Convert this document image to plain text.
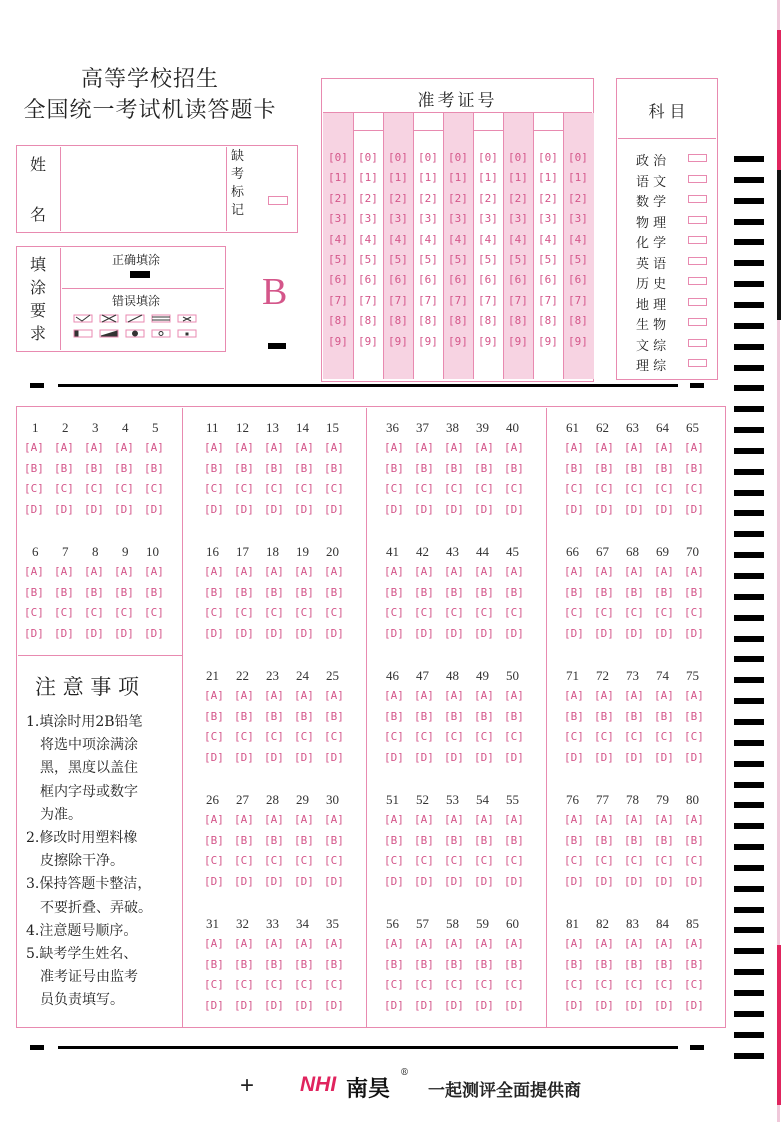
高等学校招生
全国统一考试机读答题卡
姓
名
缺
考
标
记
填
涂
要
求
正确填涂
错误填涂	B
准考证号
[0]
[1]
[2]
[3]
[4]
[5]
[6]
[7]
[8]
[9]
[0]
[1]
[2]
[3]
[4]
[5]
[6]
[7]
[8]
[9]
[0]
[1]
[2]
[3]
[4]
[5]
[6]
[7]
[8]
[9]
[0]
[1]
[2]
[3]
[4]
[5]
[6]
[7]
[8]
[9]
[0]
[1]
[2]
[3]
[4]
[5]
[6]
[7]
[8]
[9]
[0]
[1]
[2]
[3]
[4]
[5]
[6]
[7]
[8]
[9]
[0]
[1]
[2]
[3]
[4]
[5]
[6]
[7]
[8]
[9]
[0]
[1]
[2]
[3]
[4]
[5]
[6]
[7]
[8]
[9]
[0]
[1]
[2]
[3]
[4]
[5]
[6]
[7]
[8]
[9]
科 目
政 治
语 文
数 学
物 理
化 学
英 语
历 史
地 理
生 物
文 综
理 综
1
[A]
[B]
[C]
[D]
2
[A]
[B]
[C]
[D]
3
[A]
[B]
[C]
[D]
4
[A]
[B]
[C]
[D]
5
[A]
[B]
[C]
[D]
6
[A]
[B]
[C]
[D]
7
[A]
[B]
[C]
[D]
8
[A]
[B]
[C]
[D]
9
[A]
[B]
[C]
[D]
10
[A]
[B]
[C]
[D]
11
[A]
[B]
[C]
[D]
12
[A]
[B]
[C]
[D]
13
[A]
[B]
[C]
[D]
14
[A]
[B]
[C]
[D]
15
[A]
[B]
[C]
[D]
16
[A]
[B]
[C]
[D]
17
[A]
[B]
[C]
[D]
18
[A]
[B]
[C]
[D]
19
[A]
[B]
[C]
[D]
20
[A]
[B]
[C]
[D]
21
[A]
[B]
[C]
[D]
22
[A]
[B]
[C]
[D]
23
[A]
[B]
[C]
[D]
24
[A]
[B]
[C]
[D]
25
[A]
[B]
[C]
[D]
26
[A]
[B]
[C]
[D]
27
[A]
[B]
[C]
[D]
28
[A]
[B]
[C]
[D]
29
[A]
[B]
[C]
[D]
30
[A]
[B]
[C]
[D]
31
[A]
[B]
[C]
[D]
32
[A]
[B]
[C]
[D]
33
[A]
[B]
[C]
[D]
34
[A]
[B]
[C]
[D]
35
[A]
[B]
[C]
[D]
36
[A]
[B]
[C]
[D]
37
[A]
[B]
[C]
[D]
38
[A]
[B]
[C]
[D]
39
[A]
[B]
[C]
[D]
40
[A]
[B]
[C]
[D]
41
[A]
[B]
[C]
[D]
42
[A]
[B]
[C]
[D]
43
[A]
[B]
[C]
[D]
44
[A]
[B]
[C]
[D]
45
[A]
[B]
[C]
[D]
46
[A]
[B]
[C]
[D]
47
[A]
[B]
[C]
[D]
48
[A]
[B]
[C]
[D]
49
[A]
[B]
[C]
[D]
50
[A]
[B]
[C]
[D]
51
[A]
[B]
[C]
[D]
52
[A]
[B]
[C]
[D]
53
[A]
[B]
[C]
[D]
54
[A]
[B]
[C]
[D]
55
[A]
[B]
[C]
[D]
56
[A]
[B]
[C]
[D]
57
[A]
[B]
[C]
[D]
58
[A]
[B]
[C]
[D]
59
[A]
[B]
[C]
[D]
60
[A]
[B]
[C]
[D]
61
[A]
[B]
[C]
[D]
62
[A]
[B]
[C]
[D]
63
[A]
[B]
[C]
[D]
64
[A]
[B]
[C]
[D]
65
[A]
[B]
[C]
[D]
66
[A]
[B]
[C]
[D]
67
[A]
[B]
[C]
[D]
68
[A]
[B]
[C]
[D]
69
[A]
[B]
[C]
[D]
70
[A]
[B]
[C]
[D]
71
[A]
[B]
[C]
[D]
72
[A]
[B]
[C]
[D]
73
[A]
[B]
[C]
[D]
74
[A]
[B]
[C]
[D]
75
[A]
[B]
[C]
[D]
76
[A]
[B]
[C]
[D]
77
[A]
[B]
[C]
[D]
78
[A]
[B]
[C]
[D]
79
[A]
[B]
[C]
[D]
80
[A]
[B]
[C]
[D]
81
[A]
[B]
[C]
[D]
82
[A]
[B]
[C]
[D]
83
[A]
[B]
[C]
[D]
84
[A]
[B]
[C]
[D]
85
[A]
[B]
[C]
[D]
注 意 事 项
1.填涂时用2B铅笔
将选中项涂满涂
黑，黑度以盖住
框内字母或数字
为准。
2.修改时用塑料橡
皮擦除干净。
3.保持答题卡整洁，
不要折叠、弄破。
4.注意题号顺序。
5.缺考学生姓名、
准考证号由监考
员负责填写。
+ NHI 南昊
®
一起测评全面提供商
